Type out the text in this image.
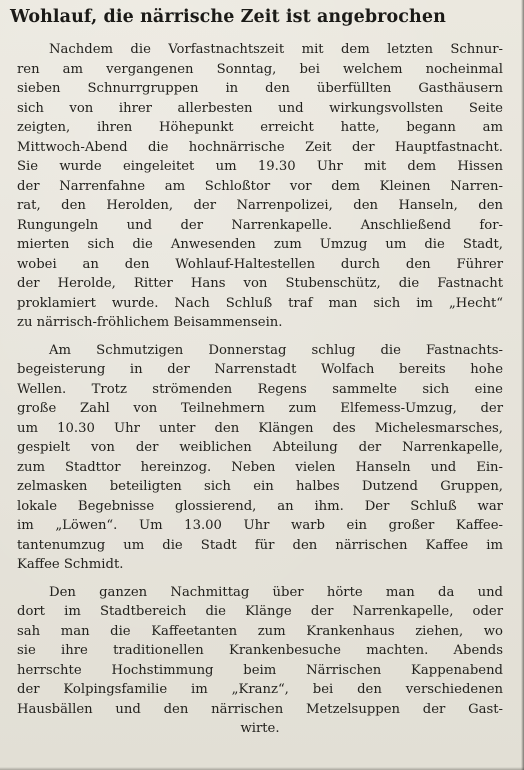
Wohlauf, die närrische Zeit ist angebrochen

Nachdem die Vorfastnachtszeit mit dem letzten Schnur-
ren am vergangenen Sonntag, bei welchem nocheinmal
sieben Schnurrgruppen in den überfüllten Gasthäusern
sich von ihrer allerbesten und wirkungsvollsten Seite
zeigten, ihren Höhepunkt erreicht hatte, begann am
Mittwoch-Abend die hochnärrische Zeit der Hauptfastnacht.
Sie wurde eingeleitet um 19.30 Uhr mit dem Hissen
der Narrenfahne am Schloßtor vor dem Kleinen Narren-
rat, den Herolden, der Narrenpolizei, den Hanseln, den
Rungungeln und der Narrenkapelle. Anschließend for-
mierten sich die Anwesenden zum Umzug um die Stadt,
wobei an den Wohlauf-Haltestellen durch den Führer
der Herolde, Ritter Hans von Stubenschütz, die Fastnacht
proklamiert wurde. Nach Schluß traf man sich im „Hecht“
zu närrisch-fröhlichem Beisammensein.

Am Schmutzigen Donnerstag schlug die Fastnachts-
begeisterung in der Narrenstadt Wolfach bereits hohe
Wellen. Trotz strömenden Regens sammelte sich eine
große Zahl von Teilnehmern zum Elfemess-Umzug, der
um 10.30 Uhr unter den Klängen des Michelesmarsches,
gespielt von der weiblichen Abteilung der Narrenkapelle,
zum Stadttor hereinzog. Neben vielen Hanseln und Ein-
zelmasken beteiligten sich ein halbes Dutzend Gruppen,
lokale Begebnisse glossierend, an ihm. Der Schluß war
im „Löwen“. Um 13.00 Uhr warb ein großer Kaffee-
tantenumzug um die Stadt für den närrischen Kaffee im
Kaffee Schmidt.

Den ganzen Nachmittag über hörte man da und
dort im Stadtbereich die Klänge der Narrenkapelle, oder
sah man die Kaffeetanten zum Krankenhaus ziehen, wo
sie ihre traditionellen Krankenbesuche machten. Abends
herrschte Hochstimmung beim Närrischen Kappenabend
der Kolpingsfamilie im „Kranz“, bei den verschiedenen
Hausbällen und den närrischen Metzelsuppen der Gast-
wirte.
